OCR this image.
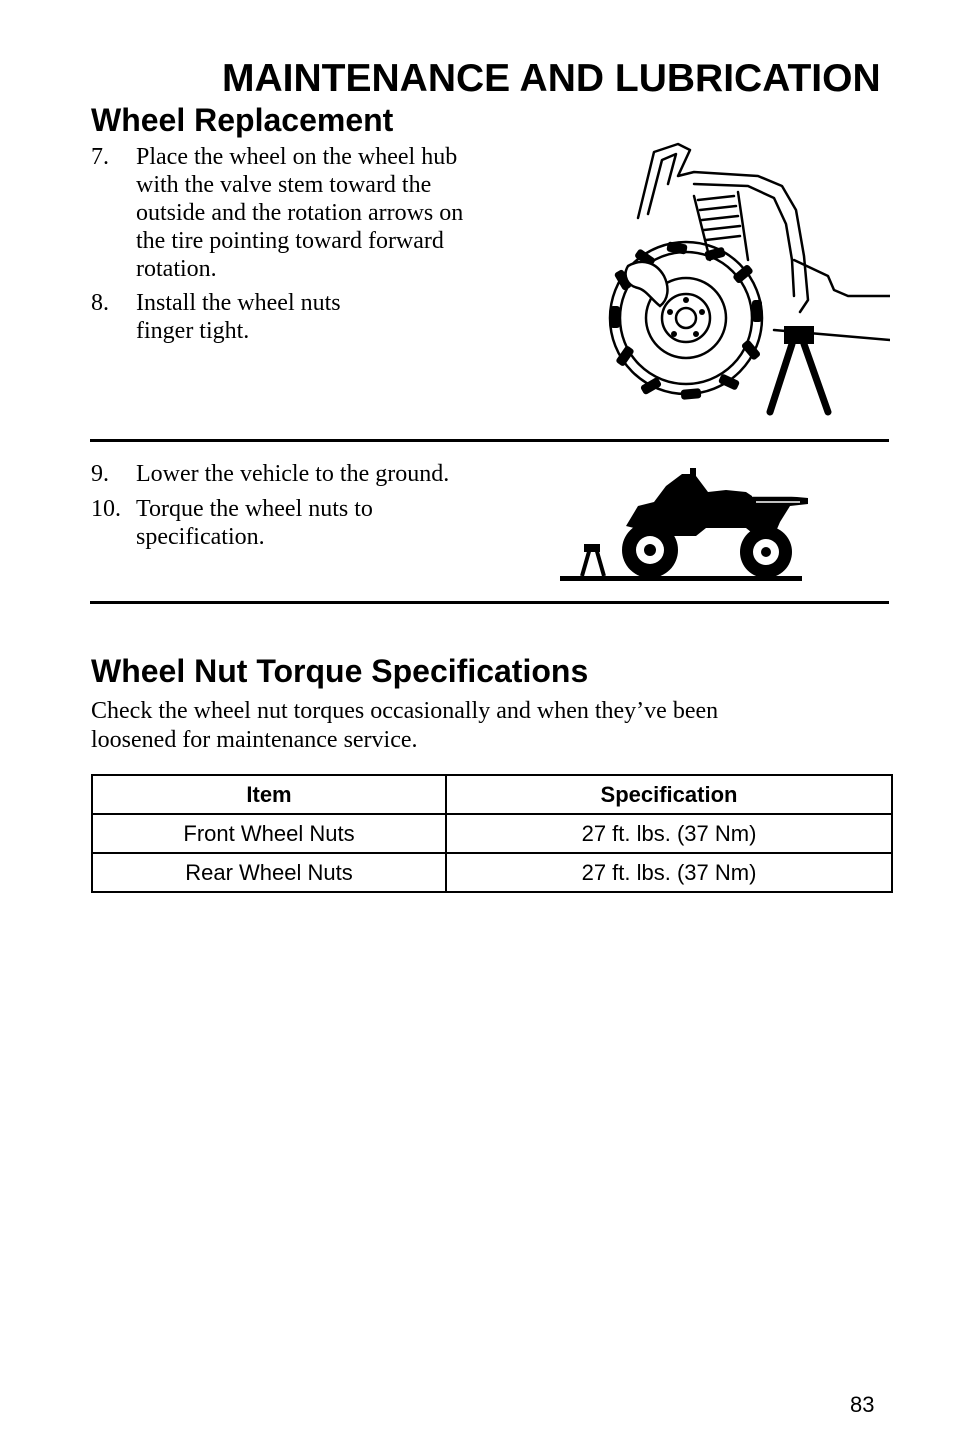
MAINTENANCE AND LUBRICATION
Wheel Replacement
7. Place the wheel on the wheel hub
with the valve stem toward the
outside and the rotation arrows on
the tire pointing toward forward
rotation.
8. Install the wheel nuts
finger tight.
9. Lower the vehicle to the ground.
10. Torque the wheel nuts to
specification.
Wheel Nut Torque Specifications
Check the wheel nut torques occasionally and when they’ve been
loosened for maintenance service.
Item	Specification
Front Wheel Nuts	27 ft. lbs. (37 Nm)
Rear Wheel Nuts	27 ft. lbs. (37 Nm)
83
